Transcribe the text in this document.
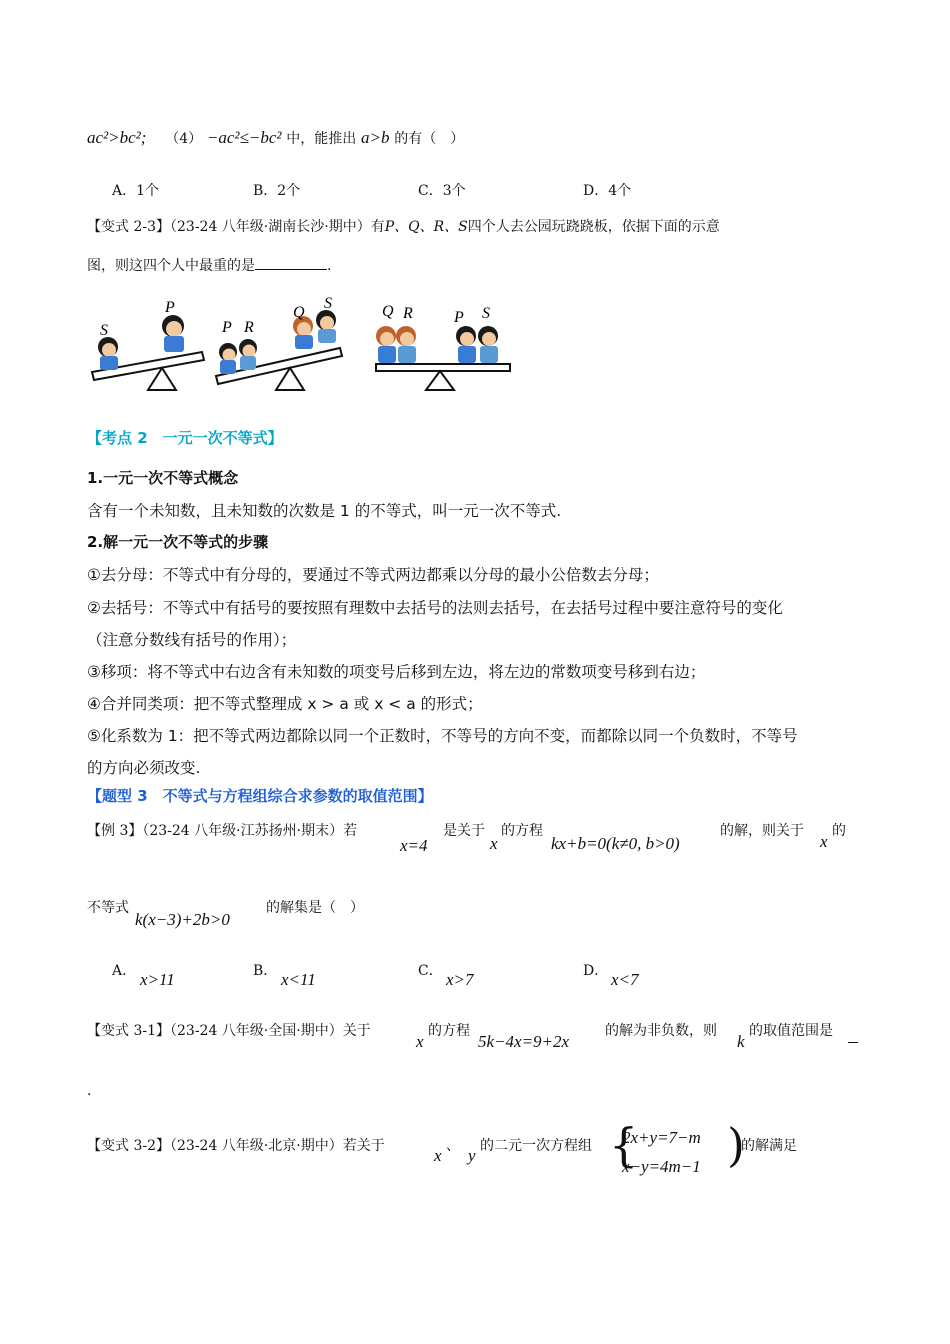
ac²>bc²; （4） −ac²≤−bc² 中，能推出 a>b 的有（　）
A．1个	B．2个	C．3个	D．4个
【变式 2-3】（23-24 八年级·湖南长沙·期中）有P、Q、R、S四个人去公园玩跷跷板，依据下面的示意
图，则这四个人中最重的是	.
S
P
P R
Q
S	Q R	P S
【考点 2　一元一次不等式】
1.一元一次不等式概念
含有一个未知数，且未知数的次数是 1 的不等式，叫一元一次不等式.
2.解一元一次不等式的步骤
①去分母：不等式中有分母的，要通过不等式两边都乘以分母的最小公倍数去分母；
②去括号：不等式中有括号的要按照有理数中去括号的法则去括号，在去括号过程中要注意符号的变化
（注意分数线有括号的作用）；
③移项：将不等式中右边含有未知数的项变号后移到左边，将左边的常数项变号移到右边；
④合并同类项：把不等式整理成 x > a 或 x < a 的形式；
⑤化系数为 1：把不等式两边都除以同一个正数时，不等号的方向不变，而都除以同一个负数时，不等号
的方向必须改变.
【题型 3　不等式与方程组综合求参数的取值范围】
【例 3】（23-24 八年级·江苏扬州·期末）若
x=4
是关于
x
的方程
kx+b=0(k≠0, b>0)
的解，则关于
x
的
不等式
k(x−3)+2b>0
的解集是（　）
A． x>11	B． x<11	C． x>7	D． x<7
【变式 3-1】（23-24 八年级·全国·期中）关于
x
的方程
5k−4x=9+2x
的解为非负数，则
k
的取值范围是
.
【变式 3-2】（23-24 八年级·北京·期中）若关于	x 、 y 的二元一次方程组 {
2x+y=7−m
x−y=4m−1 )
的解满足
